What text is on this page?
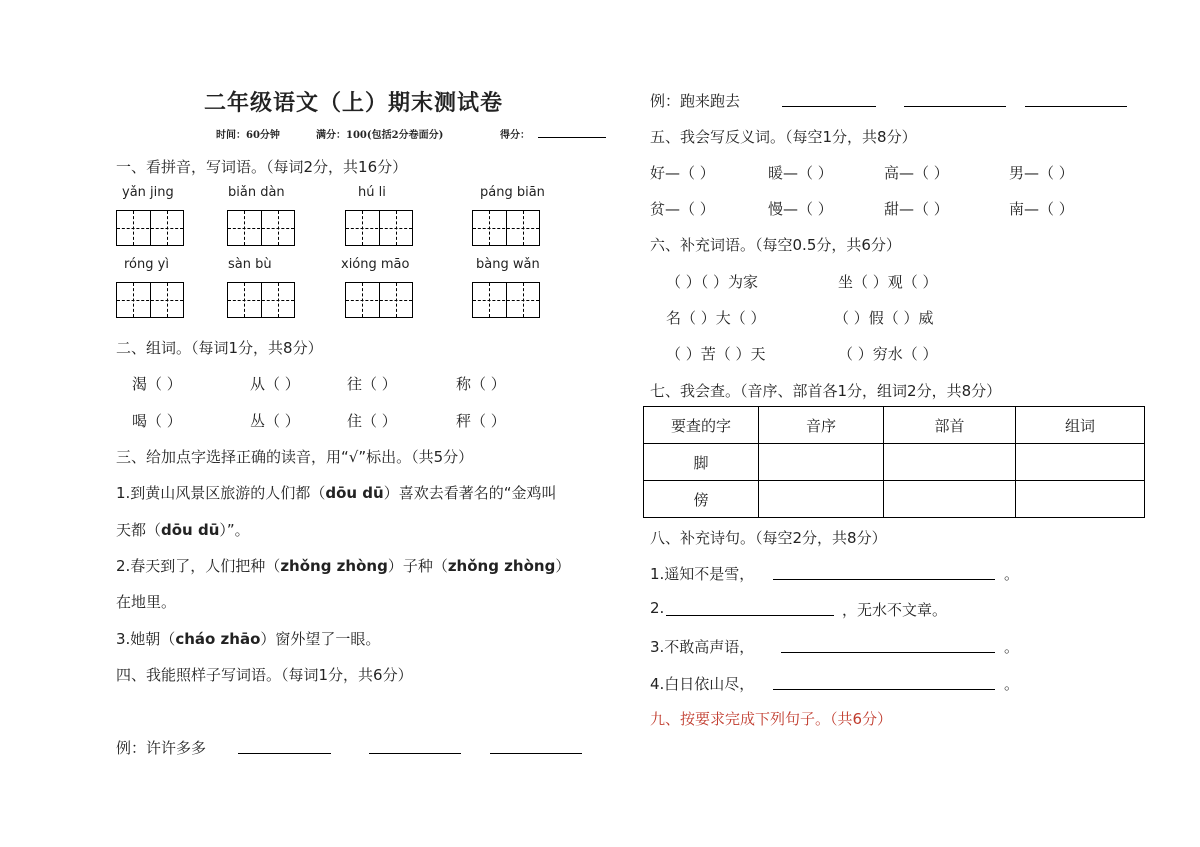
二年级语文（上）期末测试卷
时间：60分钟	满分：100(包括2分卷面分)	得分：
一、看拼音，写词语。（每词2分，共16分）
yǎn jing	biǎn dàn	hú li	páng biān
róng yì	sàn bù	xióng māo	bàng wǎn
二、组词。（每词1分，共8分）
渴（ ）	从（ ）	往（ ）	称（ ）
喝（ ）	丛（ ）	住（ ）	秤（ ）
三、给加点字选择正确的读音，用“√”标出。（共5分）
1.到黄山风景区旅游的人们都（dōu dū）喜欢去看著名的“金鸡叫
天都（dōu dū）”。
2.春天到了，人们把种（zhǒng zhòng）子种（zhǒng zhòng）
在地里。
3.她朝（cháo zhāo）窗外望了一眼。
四、我能照样子写词语。（每词1分，共6分）
例：许许多多
例：跑来跑去
五、我会写反义词。（每空1分，共8分）
好—（ ）	暖—（ ）	高—（ ）	男—（ ）
贫—（ ）	慢—（ ）	甜—（ ）	南—（ ）
六、补充词语。（每空0.5分，共6分）
（ ）（ ）为家	坐（ ）观（ ）
名（ ）大（ ）	（ ）假（ ）威
（ ）苦（ ）天	（ ）穷水（ ）
七、我会查。（音序、部首各1分，组词2分，共8分）
要查的字	音序	部首	组词
脚			
傍			
八、补充诗句。（每空2分，共8分）
1.遥知不是雪，	。
2.	，无水不文章。
3.不敢高声语，	。
4.白日依山尽，	。
九、按要求完成下列句子。（共6分）
